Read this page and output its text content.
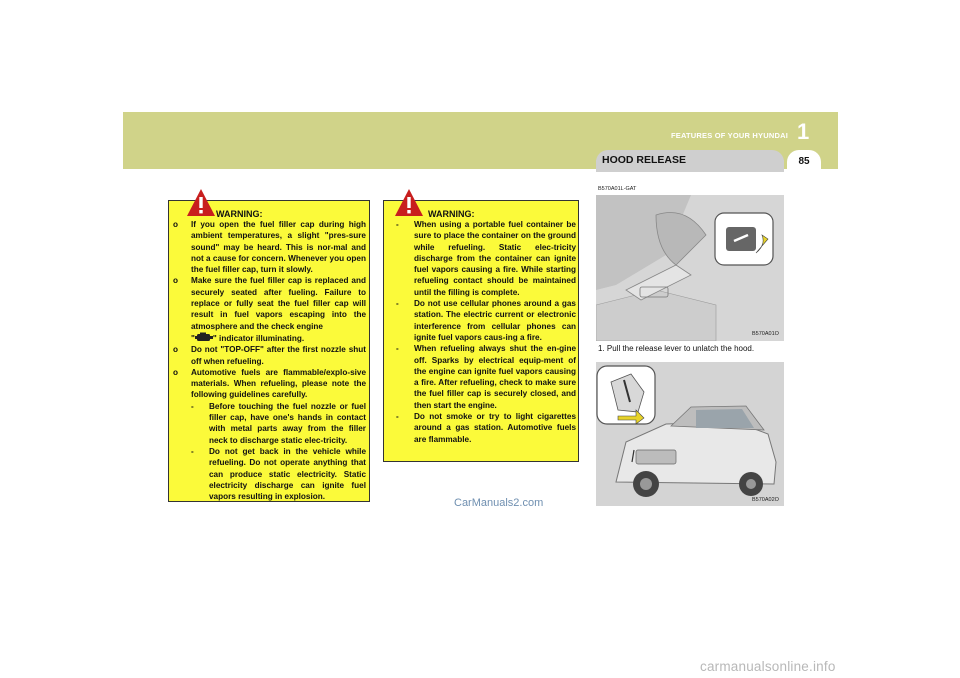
FEATURES OF YOUR HYUNDAI 1
85
HOOD RELEASE
WARNING:
o If you open the fuel filler cap during high ambient temperatures, a slight "pres-sure sound" may be heard. This is nor-mal and not a cause for concern. Whenever you open the fuel filler cap, turn it slowly.
o Make sure the fuel filler cap is replaced and securely seated after fueling. Failure to replace or fully seat the fuel filler cap will result in fuel vapors escaping into the atmosphere and the check engine
" " indicator illuminating.
o Do not "TOP-OFF" after the first nozzle shut off when refueling.
o Automotive fuels are flammable/explo-sive materials. When refueling, please note the following guidelines carefully.
- Before touching the fuel nozzle or fuel filler cap, have one's hands in contact with metal parts away from the filler neck to discharge static elec-tricity.
- Do not get back in the vehicle while refueling. Do not operate anything that can produce static electricity. Static electricity discharge can ignite fuel vapors resulting in explosion.
WARNING:
- When using a portable fuel container be sure to place the container on the ground while refueling. Static elec-tricity discharge from the container can ignite fuel vapors causing a fire. While starting refueling contact should be maintained until the filling is complete.
- Do not use cellular phones around a gas station. The electric current or electronic interference from cellular phones can ignite fuel vapors caus-ing a fire.
- When refueling always shut the en-gine off. Sparks by electrical equip-ment of the engine can ignite fuel vapors causing a fire. After refueling, check to make sure the fuel filler cap is securely closed, and then start the engine.
- Do not smoke or try to light cigarettes around a gas station. Automotive fuels are flammable.
B570A01L-GAT
B570A01O
1. Pull the release lever to unlatch the hood.
B570A02O
CarManuals2.com
carmanualsonline.info
